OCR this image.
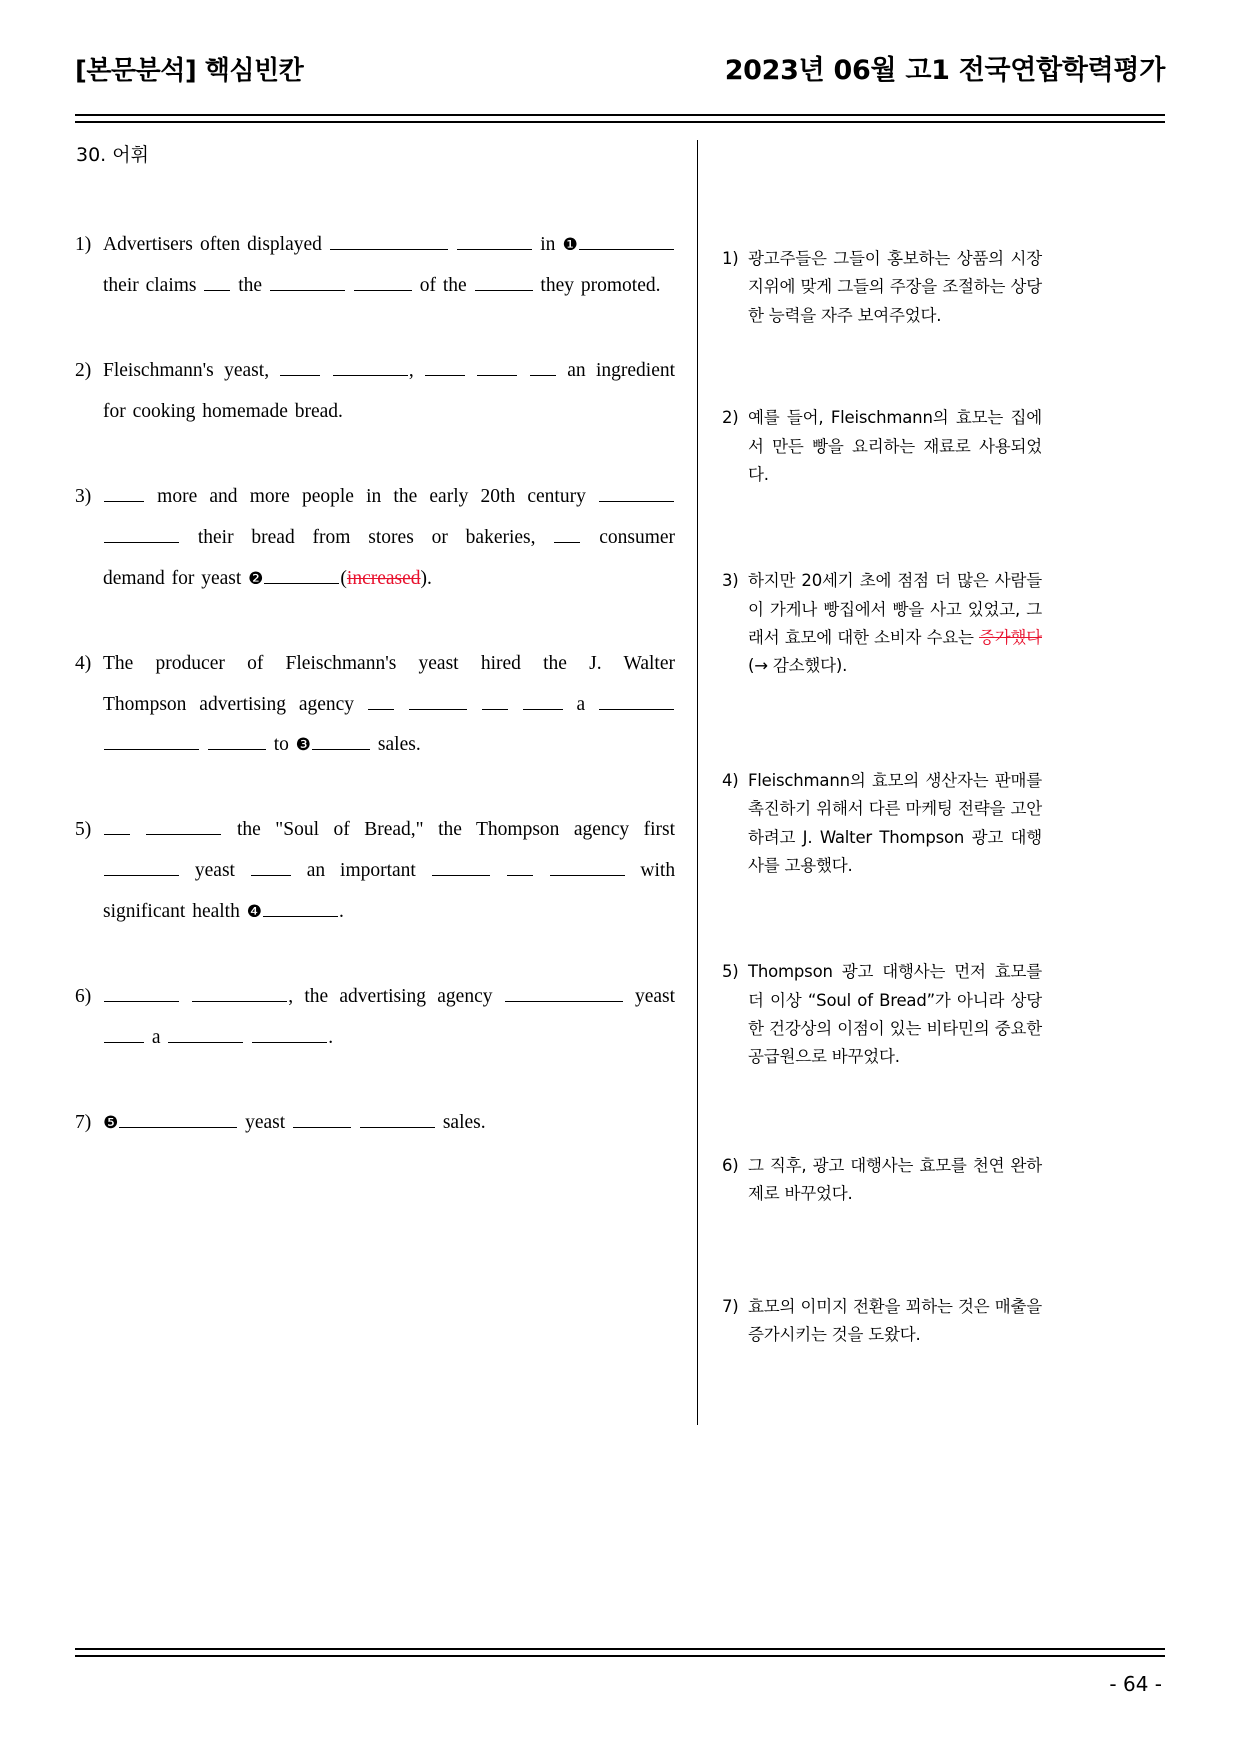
[본문분석] 핵심빈칸	2023년 06월 고1 전국연합학력평가
30. 어휘
1) Advertisers often displayed	in ❶
their claims the	of the	they promoted.
2) Fleischmann's yeast,	,	an ingredient
for cooking homemade bread.
3)	more and more people in the early 20th century
their bread from stores or bakeries,	consumer
demand for yeast ❷	(increased).
4) The producer of Fleischmann's yeast hired the J. Walter
Thompson advertising agency	a
to ❸	sales.
5)	the "Soul of Bread," the Thompson agency first
yeast	an important	with
significant health ❹	.
6)	, the advertising agency	yeast
a	.
7) ❺	yeast	sales.
1) 광고주들은 그들이 홍보하는 상품의 시장 지위에 맞게 그들의 주장을 조절하는 상당한 능력을 자주 보여주었다.
2) 예를 들어, Fleischmann의 효모는 집에서 만든 빵을 요리하는 재료로 사용되었다.
3) 하지만 20세기 초에 점점 더 많은 사람들이 가게나 빵집에서 빵을 사고 있었고, 그래서 효모에 대한 소비자 수요는 증가했다(→ 감소했다).
4) Fleischmann의 효모의 생산자는 판매를 촉진하기 위해서 다른 마케팅 전략을 고안하려고 J. Walter Thompson 광고 대행사를 고용했다.
5) Thompson 광고 대행사는 먼저 효모를 더 이상 “Soul of Bread”가 아니라 상당한 건강상의 이점이 있는 비타민의 중요한 공급원으로 바꾸었다.
6) 그 직후, 광고 대행사는 효모를 천연 완하제로 바꾸었다.
7) 효모의 이미지 전환을 꾀하는 것은 매출을 증가시키는 것을 도왔다.
- 64 -
